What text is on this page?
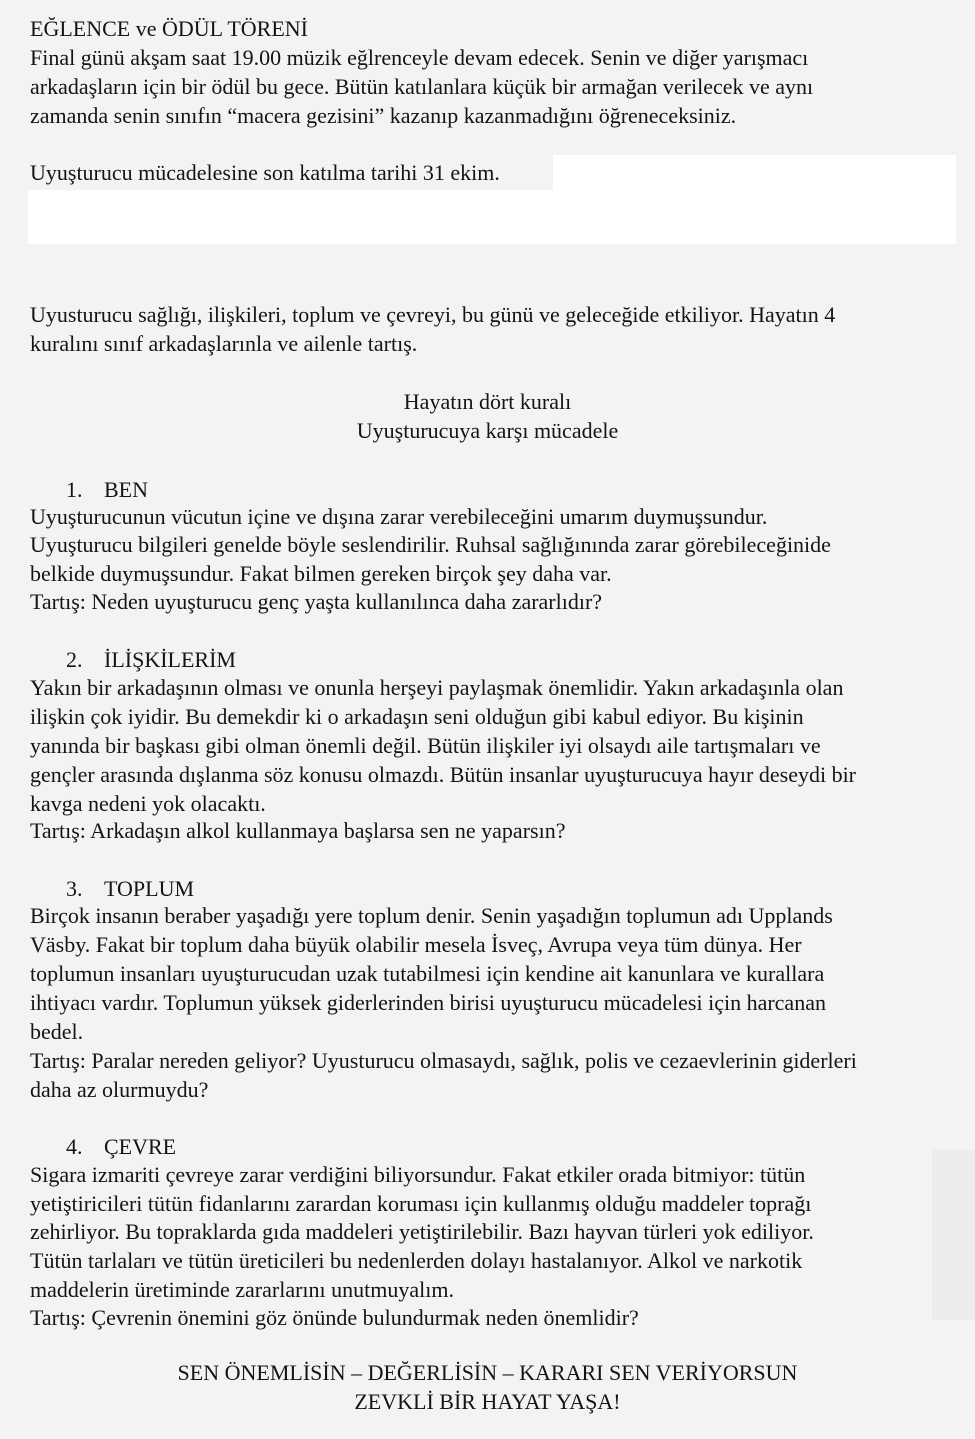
EĞLENCE ve ÖDÜL TÖRENİ
Final günü akşam saat 19.00 müzik eğlrenceyle devam edecek. Senin ve diğer yarışmacı
arkadaşların için bir ödül bu gece. Bütün katılanlara küçük bir armağan verilecek ve aynı
zamanda senin sınıfın “macera gezisini” kazanıp kazanmadığını öğreneceksiniz.
Uyuşturucu mücadelesine son katılma tarihi 31 ekim.
Uyusturucu sağlığı, ilişkileri, toplum ve çevreyi, bu günü ve geleceğide etkiliyor. Hayatın 4
kuralını sınıf arkadaşlarınla ve ailenle tartış.
Hayatın dört kuralı
Uyuşturucuya karşı mücadele
1. BEN
Uyuşturucunun vücutun içine ve dışına zarar verebileceğini umarım duymuşsundur.
Uyuşturucu bilgileri genelde böyle seslendirilir. Ruhsal sağlığınında zarar görebileceğinide
belkide duymuşsundur. Fakat bilmen gereken birçok şey daha var.
Tartış: Neden uyuşturucu genç yaşta kullanılınca daha zararlıdır?
2. İLİŞKİLERİM
Yakın bir arkadaşının olması ve onunla herşeyi paylaşmak önemlidir. Yakın arkadaşınla olan
ilişkin çok iyidir. Bu demekdir ki o arkadaşın seni olduğun gibi kabul ediyor. Bu kişinin
yanında bir başkası gibi olman önemli değil. Bütün ilişkiler iyi olsaydı aile tartışmaları ve
gençler arasında dışlanma söz konusu olmazdı. Bütün insanlar uyuşturucuya hayır deseydi bir
kavga nedeni yok olacaktı.
Tartış: Arkadaşın alkol kullanmaya başlarsa sen ne yaparsın?
3. TOPLUM
Birçok insanın beraber yaşadığı yere toplum denir. Senin yaşadığın toplumun adı Upplands
Väsby. Fakat bir toplum daha büyük olabilir mesela İsveç, Avrupa veya tüm dünya. Her
toplumun insanları uyuşturucudan uzak tutabilmesi için kendine ait kanunlara ve kurallara
ihtiyacı vardır. Toplumun yüksek giderlerinden birisi uyuşturucu mücadelesi için harcanan
bedel.
Tartış: Paralar nereden geliyor? Uyusturucu olmasaydı, sağlık, polis ve cezaevlerinin giderleri
daha az olurmuydu?
4. ÇEVRE
Sigara izmariti çevreye zarar verdiğini biliyorsundur. Fakat etkiler orada bitmiyor: tütün
yetiştiricileri tütün fidanlarını zarardan koruması için kullanmış olduğu maddeler toprağı
zehirliyor. Bu topraklarda gıda maddeleri yetiştirilebilir. Bazı hayvan türleri yok ediliyor.
Tütün tarlaları ve tütün üreticileri bu nedenlerden dolayı hastalanıyor. Alkol ve narkotik
maddelerin üretiminde zararlarını unutmuyalım.
Tartış: Çevrenin önemini göz önünde bulundurmak neden önemlidir?
SEN ÖNEMLİSİN – DEĞERLİSİN – KARARI SEN VERİYORSUN
ZEVKLİ BİR HAYAT YAŞA!
